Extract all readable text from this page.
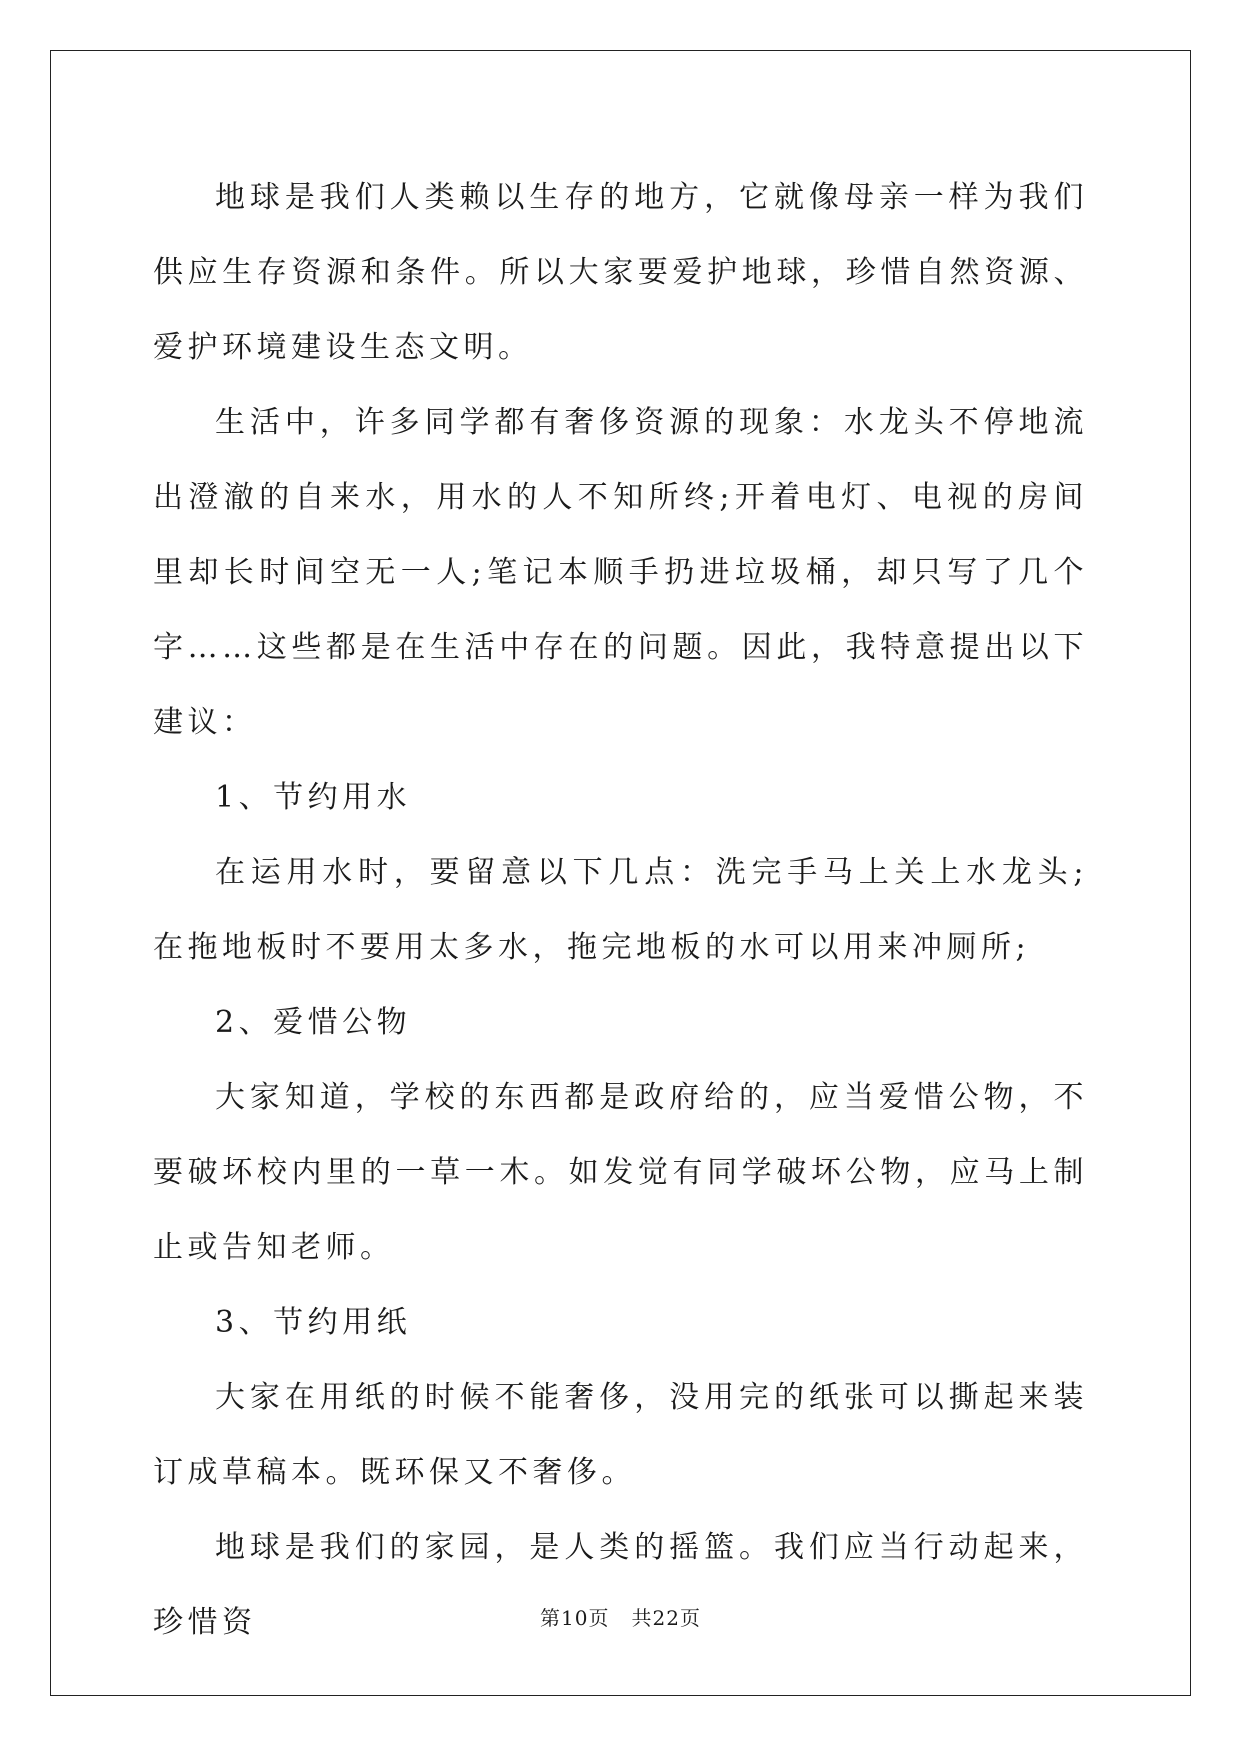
地球是我们人类赖以生存的地方，它就像母亲一样为我们供应生存资源和条件。所以大家要爱护地球，珍惜自然资源、爱护环境建设生态文明。

生活中，许多同学都有奢侈资源的现象：水龙头不停地流出澄澈的自来水，用水的人不知所终;开着电灯、电视的房间里却长时间空无一人;笔记本顺手扔进垃圾桶，却只写了几个字……这些都是在生活中存在的问题。因此，我特意提出以下建议：

1、节约用水

在运用水时，要留意以下几点：洗完手马上关上水龙头;在拖地板时不要用太多水，拖完地板的水可以用来冲厕所;

2、爱惜公物

大家知道，学校的东西都是政府给的，应当爱惜公物，不要破坏校内里的一草一木。如发觉有同学破坏公物，应马上制止或告知老师。

3、节约用纸

大家在用纸的时候不能奢侈，没用完的纸张可以撕起来装订成草稿本。既环保又不奢侈。

地球是我们的家园，是人类的摇篮。我们应当行动起来，珍惜资	第10页 共22页
